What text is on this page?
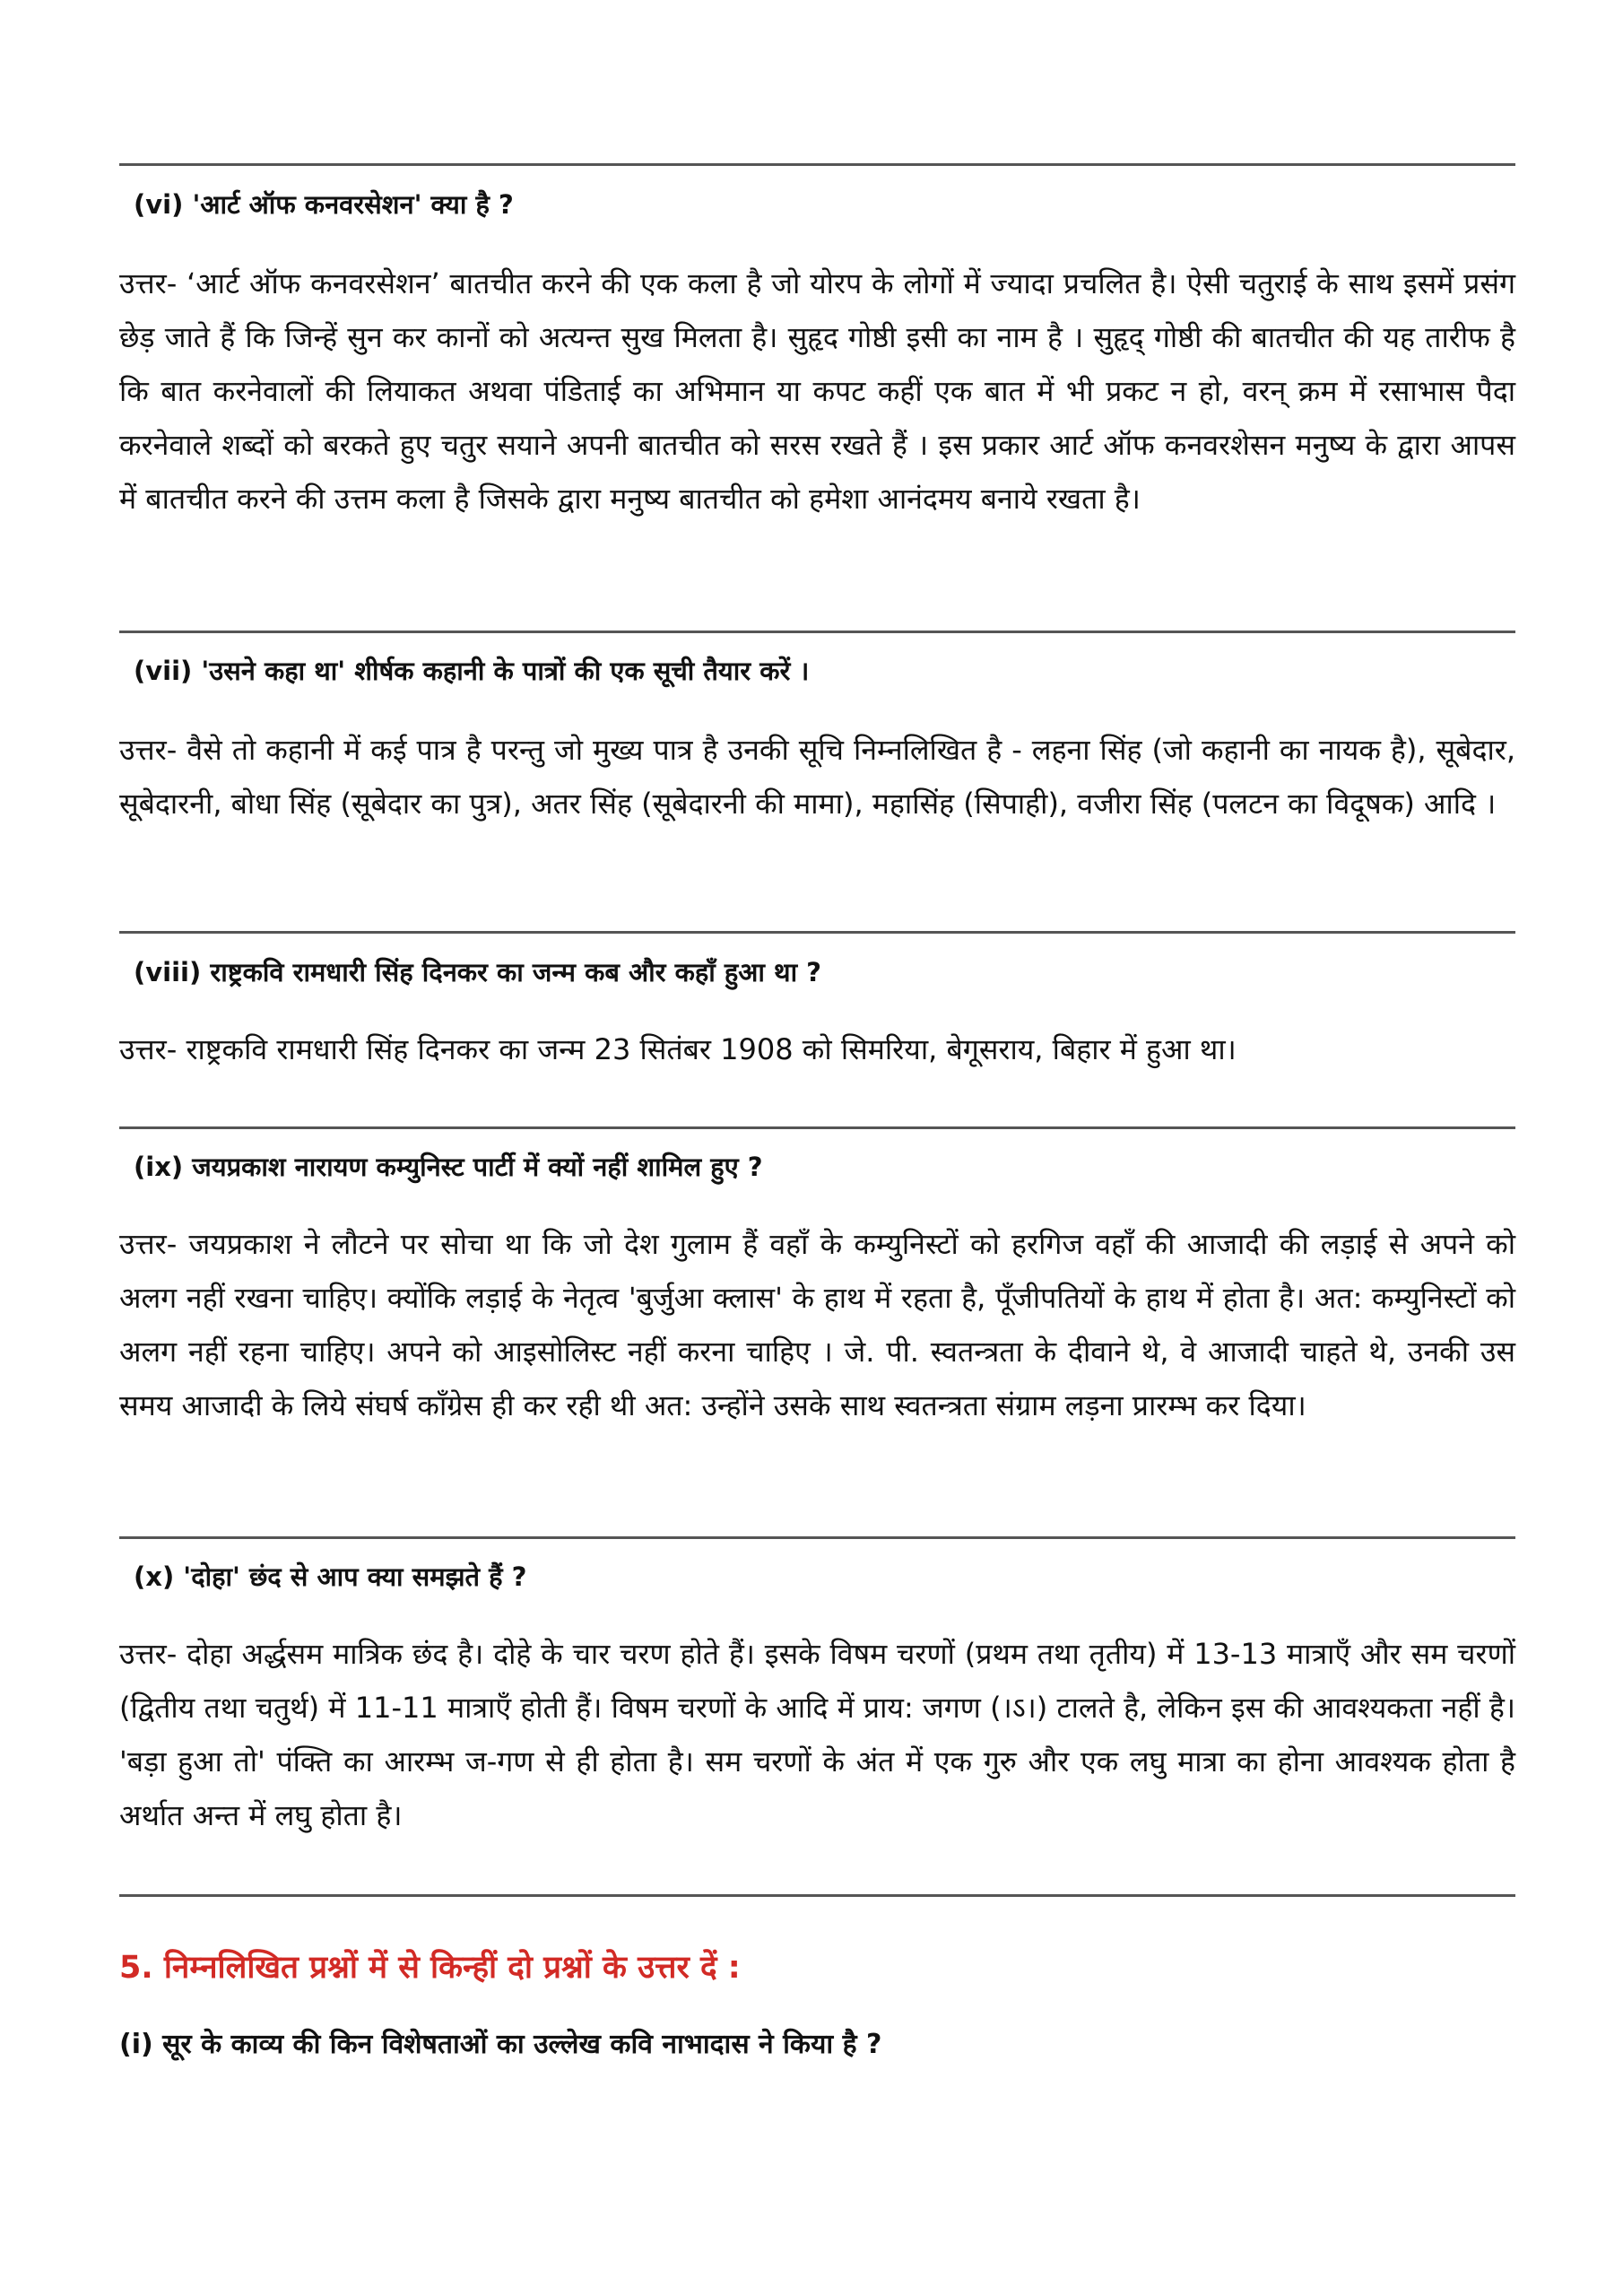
(vi) 'आर्ट ऑफ कनवरसेशन' क्या है ?

उत्तर- ‘आर्ट ऑफ कनवरसेशन’ बातचीत करने की एक कला है जो योरप के लोगों में ज्यादा प्रचलित है। ऐसी चतुराई के साथ इसमें प्रसंग छेड़ जाते हैं कि जिन्हें सुन कर कानों को अत्यन्त सुख मिलता है। सुहृद गोष्ठी इसी का नाम है । सुहृद् गोष्ठी की बातचीत की यह तारीफ है कि बात करनेवालों की लियाकत अथवा पंडिताई का अभिमान या कपट कहीं एक बात में भी प्रकट न हो, वरन् क्रम में रसाभास पैदा करनेवाले शब्दों को बरकते हुए चतुर सयाने अपनी बातचीत को सरस रखते हैं । इस प्रकार आर्ट ऑफ कनवरशेसन मनुष्य के द्वारा आपस में बातचीत करने की उत्तम कला है जिसके द्वारा मनुष्य बातचीत को हमेशा आनंदमय बनाये रखता है।

(vii) 'उसने कहा था' शीर्षक कहानी के पात्रों की एक सूची तैयार करें ।

उत्तर- वैसे तो कहानी में कई पात्र है परन्तु जो मुख्य पात्र है उनकी सूचि निम्नलिखित है - लहना सिंह (जो कहानी का नायक है), सूबेदार, सूबेदारनी, बोधा सिंह (सूबेदार का पुत्र), अतर सिंह (सूबेदारनी की मामा), महासिंह (सिपाही), वजीरा सिंह (पलटन का विदूषक) आदि ।

(viii) राष्ट्रकवि रामधारी सिंह दिनकर का जन्म कब और कहाँ हुआ था ?

उत्तर- राष्ट्रकवि रामधारी सिंह दिनकर का जन्म 23 सितंबर 1908 को सिमरिया, बेगूसराय, बिहार में हुआ था।

(ix) जयप्रकाश नारायण कम्युनिस्ट पार्टी में क्यों नहीं शामिल हुए ?

उत्तर- जयप्रकाश ने लौटने पर सोचा था कि जो देश गुलाम हैं वहाँ के कम्युनिस्टों को हरगिज वहाँ की आजादी की लड़ाई से अपने को अलग नहीं रखना चाहिए। क्योंकि लड़ाई के नेतृत्व 'बुर्जुआ क्लास' के हाथ में रहता है, पूँजीपतियों के हाथ में होता है। अत: कम्युनिस्टों को अलग नहीं रहना चाहिए। अपने को आइसोलिस्ट नहीं करना चाहिए । जे. पी. स्वतन्त्रता के दीवाने थे, वे आजादी चाहते थे, उनकी उस समय आजादी के लिये संघर्ष काँग्रेस ही कर रही थी अत: उन्होंने उसके साथ स्वतन्त्रता संग्राम लड़ना प्रारम्भ कर दिया।

(x) 'दोहा' छंद से आप क्या समझते हैं ?

उत्तर- दोहा अर्द्धसम मात्रिक छंद है। दोहे के चार चरण होते हैं। इसके विषम चरणों (प्रथम तथा तृतीय) में 13-13 मात्राएँ और सम चरणों (द्वितीय तथा चतुर्थ) में 11-11 मात्राएँ होती हैं। विषम चरणों के आदि में प्राय: जगण (।ऽ।) टालते है, लेकिन इस की आवश्यकता नहीं है। 'बड़ा हुआ तो' पंक्ति का आरम्भ ज-गण से ही होता है। सम चरणों के अंत में एक गुरु और एक लघु मात्रा का होना आवश्यक होता है अर्थात अन्त में लघु होता है।

5. निम्नलिखित प्रश्नों में से किन्हीं दो प्रश्नों के उत्तर दें :

(i) सूर के काव्य की किन विशेषताओं का उल्लेख कवि नाभादास ने किया है ?
